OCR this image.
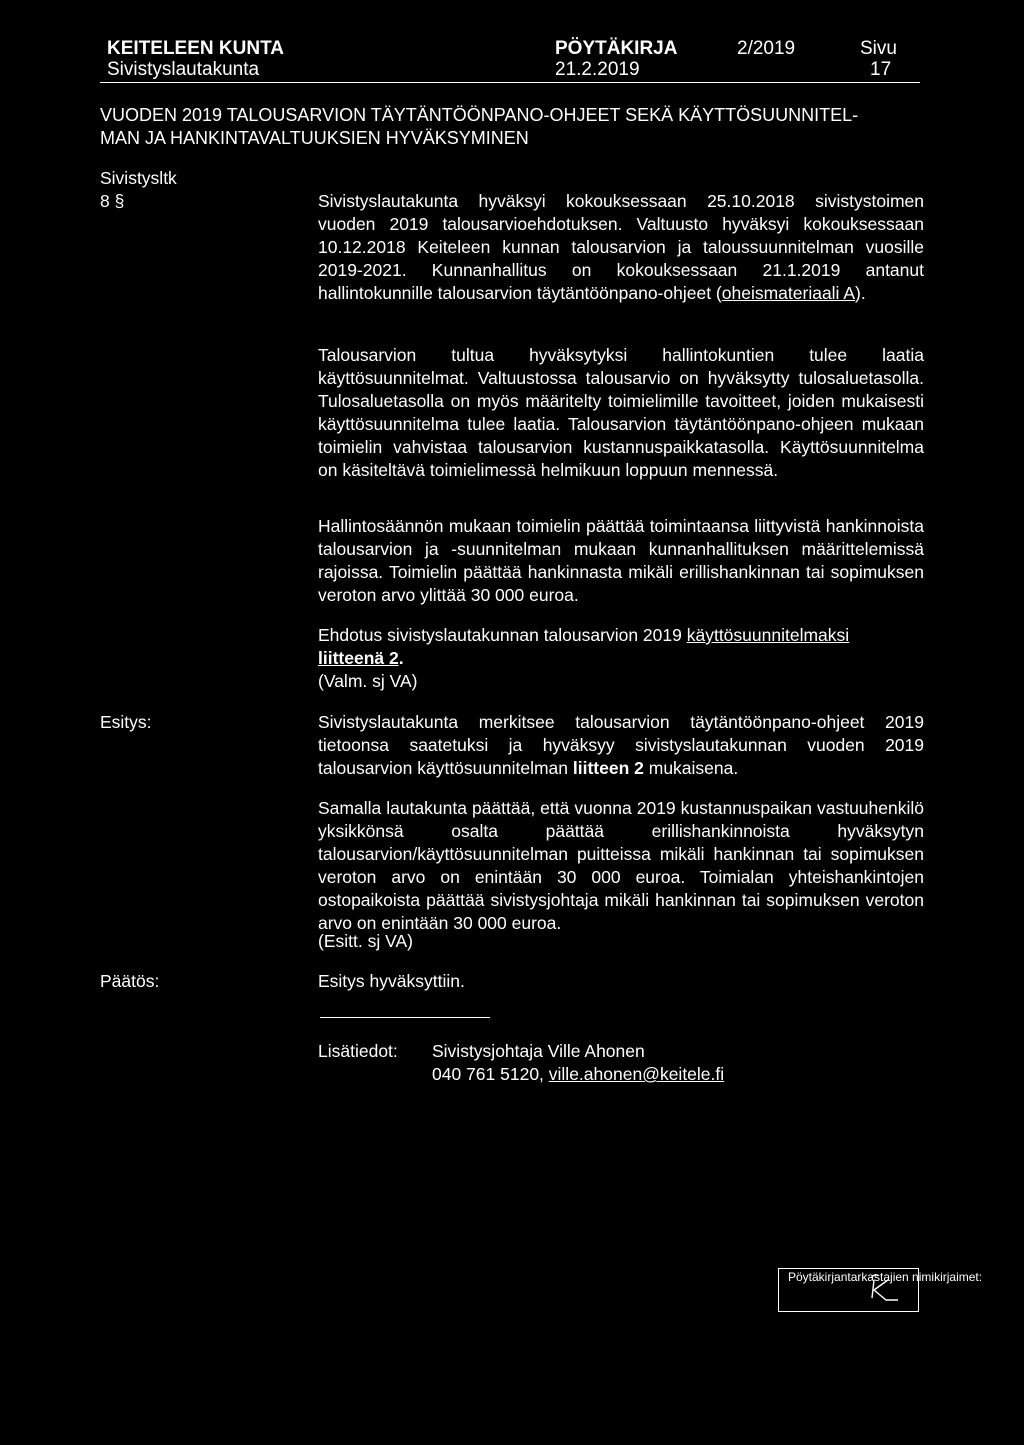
KEITELEEN KUNTA
Sivistyslautakunta
PÖYTÄKIRJA
21.2.2019
2/2019	Sivu
17
VUODEN 2019 TALOUSARVION TÄYTÄNTÖÖNPANO-OHJEET SEKÄ KÄYTTÖSUUNNITEL-
MAN JA HANKINTAVALTUUKSIEN HYVÄKSYMINEN
Sivistysltk
8 §	Sivistyslautakunta hyväksyi kokouksessaan 25.10.2018 sivistystoimen vuoden 2019 talousarvioehdotuksen. Valtuusto hyväksyi kokouksessaan 10.12.2018 Keiteleen kunnan talousarvion ja taloussuunnitelman vuosille 2019-2021. Kunnanhallitus on kokouksessaan 21.1.2019 antanut hallintokunnille talousarvion täytäntöönpano-ohjeet (oheismateriaali A).
Talousarvion tultua hyväksytyksi hallintokuntien tulee laatia käyttösuunnitelmat. Valtuustossa talousarvio on hyväksytty tulosaluetasolla. Tulosaluetasolla on myös määritelty toimielimille tavoitteet, joiden mukaisesti käyttösuunnitelma tulee laatia. Talousarvion täytäntöönpano-ohjeen mukaan toimielin vahvistaa talousarvion kustannuspaikkatasolla. Käyttösuunnitelma on käsiteltävä toimielimessä helmikuun loppuun mennessä.
Hallintosäännön mukaan toimielin päättää toimintaansa liittyvistä hankinnoista talousarvion ja -suunnitelman mukaan kunnanhallituksen määrittelemissä rajoissa. Toimielin päättää hankinnasta mikäli erillishankinnan tai sopimuksen veroton arvo ylittää 30 000 euroa.
Ehdotus sivistyslautakunnan talousarvion 2019 käyttösuunnitelmaksi
liitteenä 2.
(Valm. sj VA)
Esitys:	Sivistyslautakunta merkitsee talousarvion täytäntöönpano-ohjeet 2019 tietoonsa saatetuksi ja hyväksyy sivistyslautakunnan vuoden 2019 talousarvion käyttösuunnitelman liitteen 2 mukaisena.
Samalla lautakunta päättää, että vuonna 2019 kustannuspaikan vastuuhenkilö yksikkönsä osalta päättää erillishankinnoista hyväksytyn talousarvion/käyttösuunnitelman puitteissa mikäli hankinnan tai sopimuksen veroton arvo on enintään 30 000 euroa. Toimialan yhteishankintojen ostopaikoista päättää sivistysjohtaja mikäli hankinnan tai sopimuksen veroton arvo on enintään 30 000 euroa.
(Esitt. sj VA)
Päätös:	Esitys hyväksyttiin.
Lisätiedot: Sivistysjohtaja Ville Ahonen
040 761 5120, ville.ahonen@keitele.fi
Pöytäkirjantarkastajien nimikirjaimet:
